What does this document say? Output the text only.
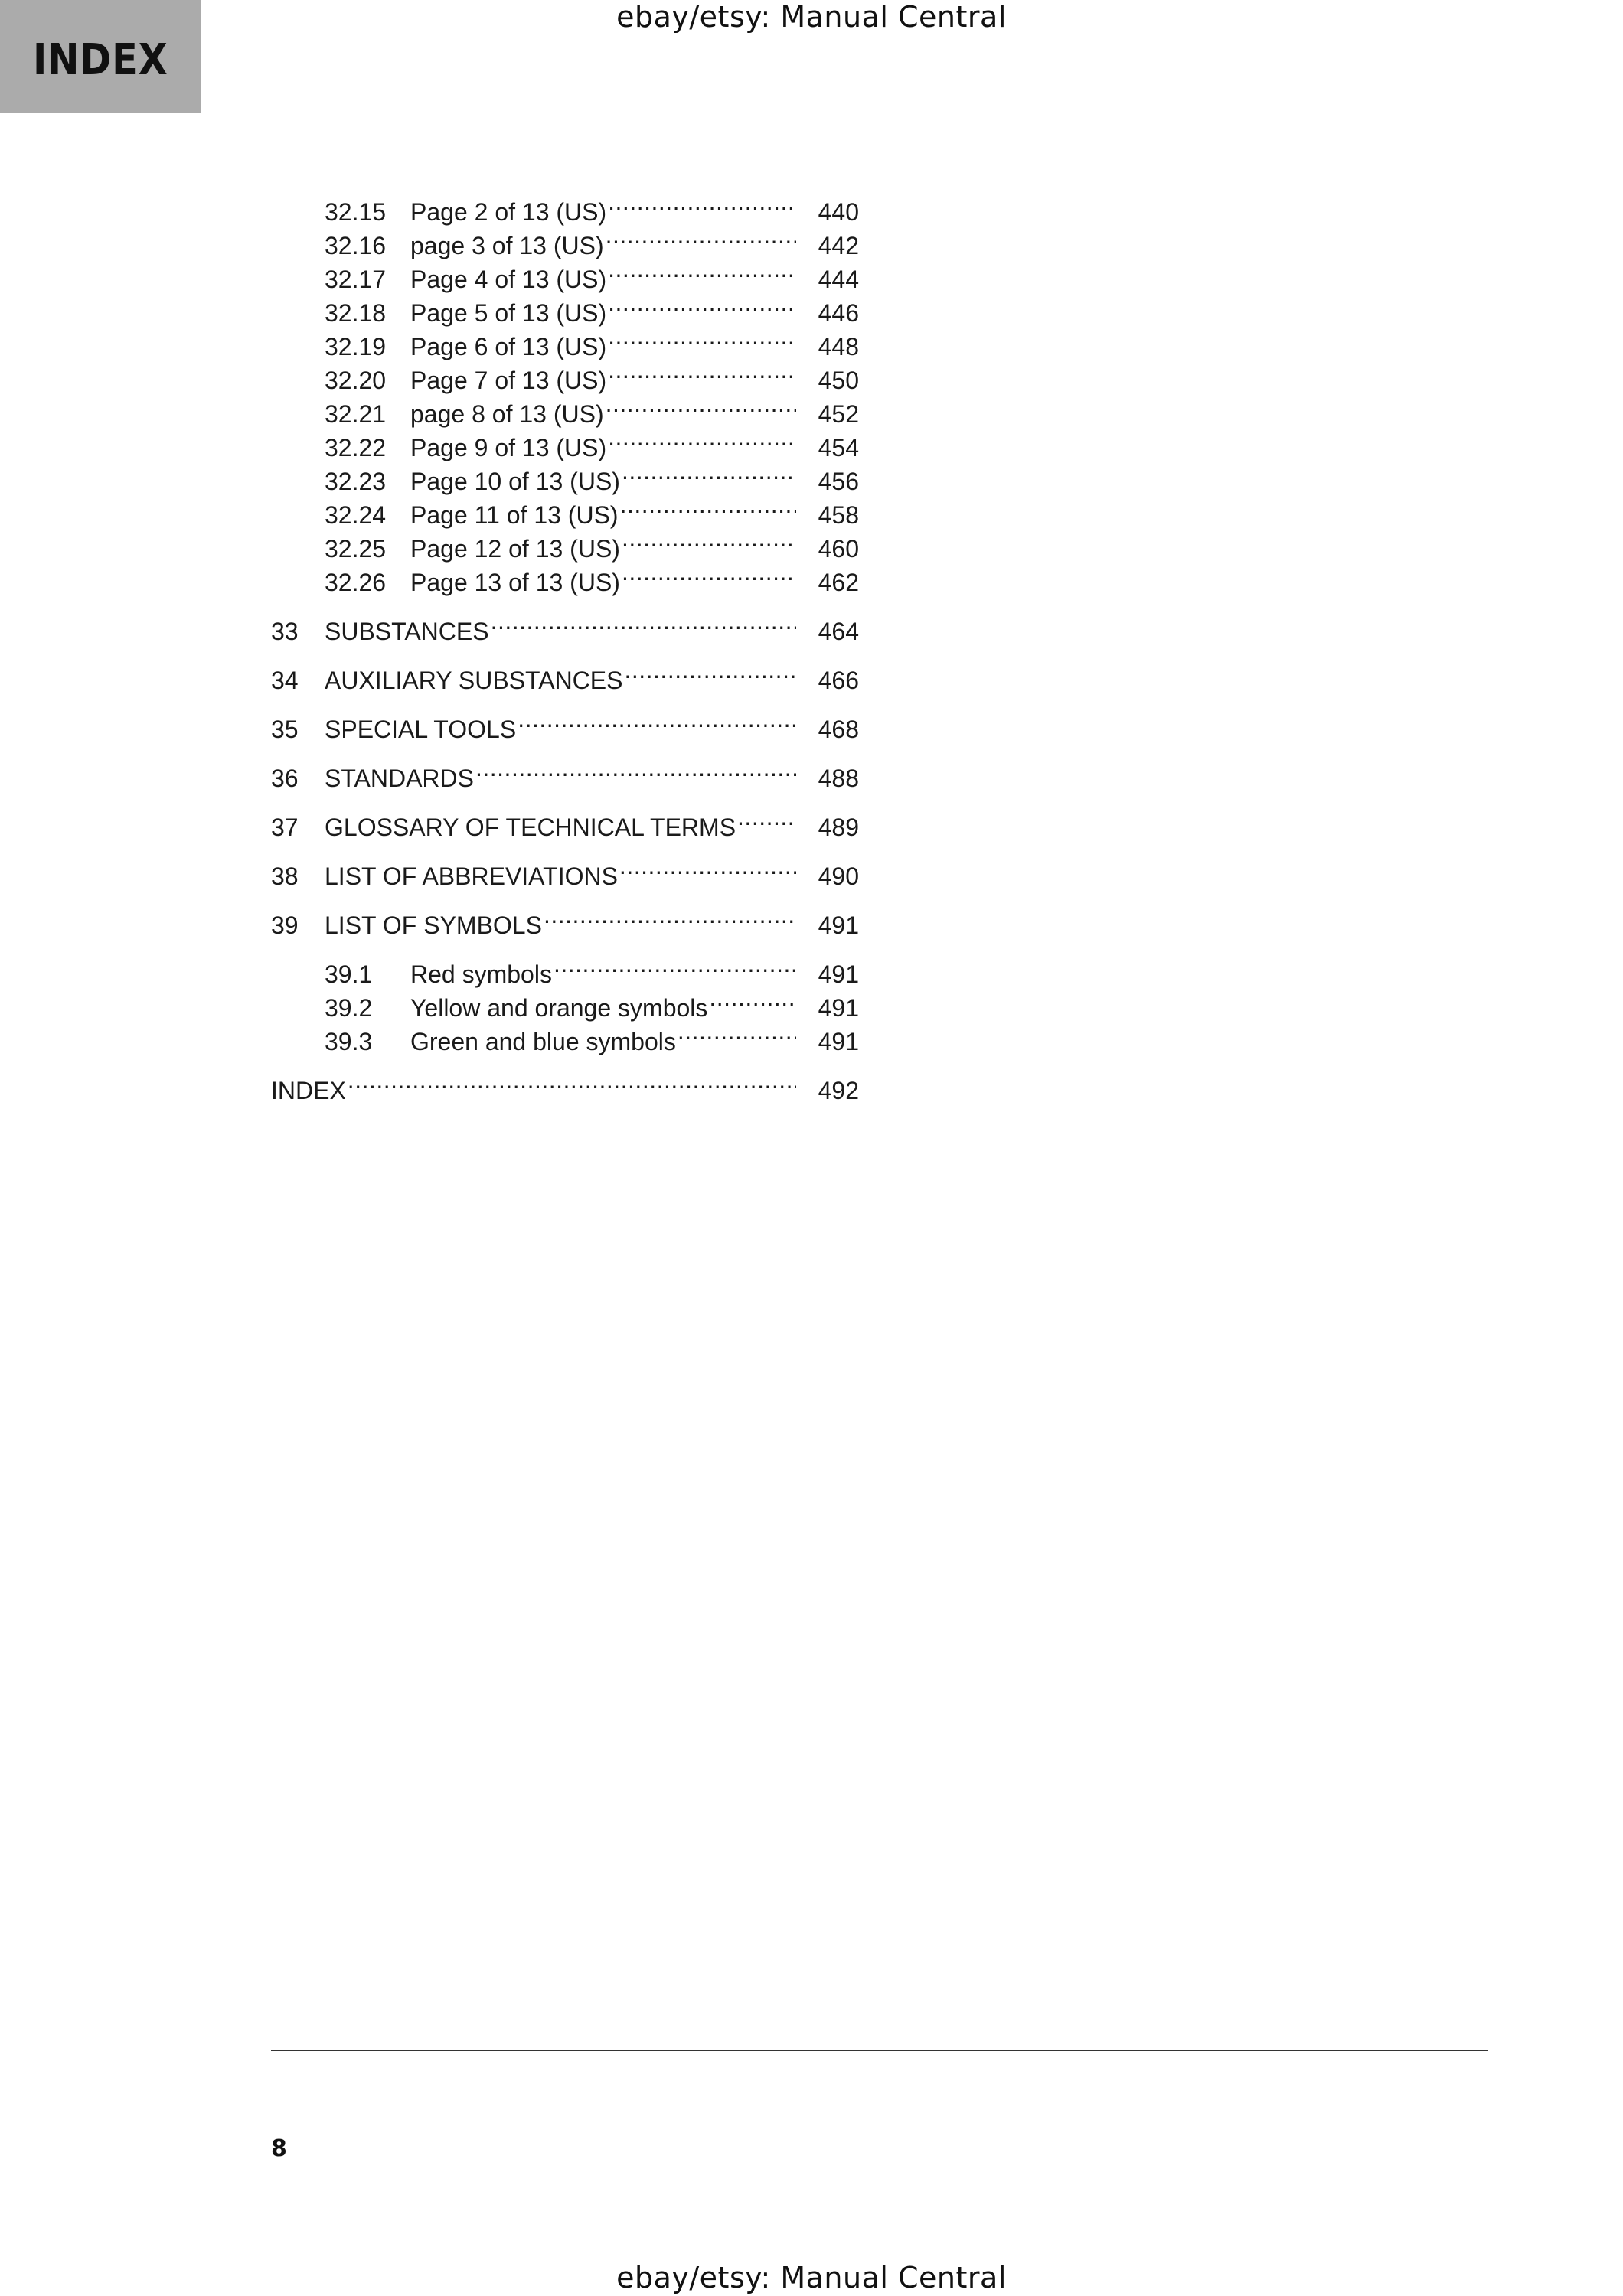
ebay/etsy: Manual Central
INDEX
32.15 Page 2 of 13 (US) .....	440
32.16 page 3 of 13 (US) .....	442
32.17 Page 4 of 13 (US) .....	444
32.18 Page 5 of 13 (US) .....	446
32.19 Page 6 of 13 (US) .....	448
32.20 Page 7 of 13 (US) .....	450
32.21 page 8 of 13 (US) .....	452
32.22 Page 9 of 13 (US) .....	454
32.23 Page 10 of 13 (US) .....	456
32.24 Page 11 of 13 (US) .....	458
32.25 Page 12 of 13 (US) .....	460
32.26 Page 13 of 13 (US) .....	462
33	SUBSTANCES .....	464
34	AUXILIARY SUBSTANCES .....	466
35	SPECIAL TOOLS .....	468
36	STANDARDS .....	488
37	GLOSSARY OF TECHNICAL TERMS .....	489
38	LIST OF ABBREVIATIONS .....	490
39	LIST OF SYMBOLS .....	491
39.1	Red symbols .....	491
39.2	Yellow and orange symbols .....	491
39.3	Green and blue symbols .....	491
INDEX .....	492
8
ebay/etsy: Manual Central
